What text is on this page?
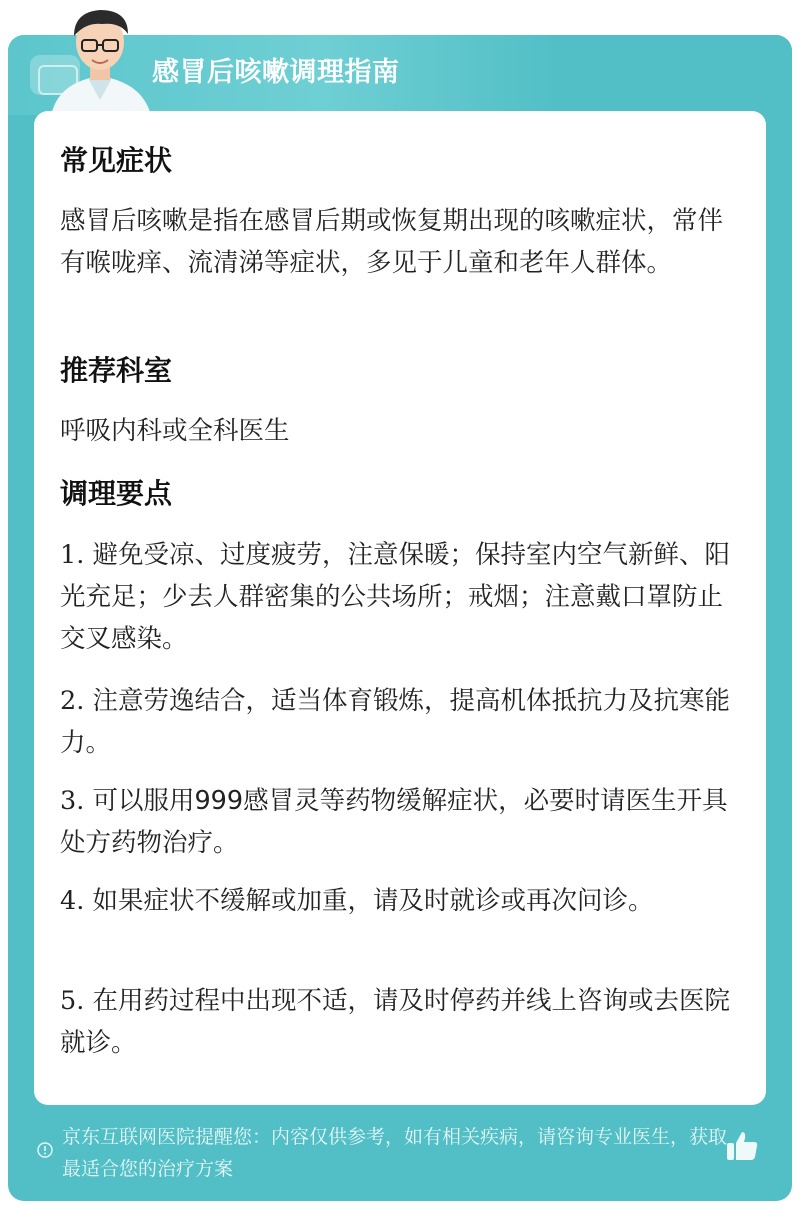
感冒后咳嗽调理指南
常见症状
感冒后咳嗽是指在感冒后期或恢复期出现的咳嗽症状，常伴有喉咙痒、流清涕等症状，多见于儿童和老年人群体。
推荐科室
呼吸内科或全科医生
调理要点
1. 避免受凉、过度疲劳，注意保暖；保持室内空气新鲜、阳光充足；少去人群密集的公共场所；戒烟；注意戴口罩防止交叉感染。
2. 注意劳逸结合，适当体育锻炼，提高机体抵抗力及抗寒能力。
3. 可以服用999感冒灵等药物缓解症状，必要时请医生开具处方药物治疗。
4. 如果症状不缓解或加重，请及时就诊或再次问诊。
5. 在用药过程中出现不适，请及时停药并线上咨询或去医院就诊。
京东互联网医院提醒您：内容仅供参考，如有相关疾病，请咨询专业医生，获取最适合您的治疗方案
